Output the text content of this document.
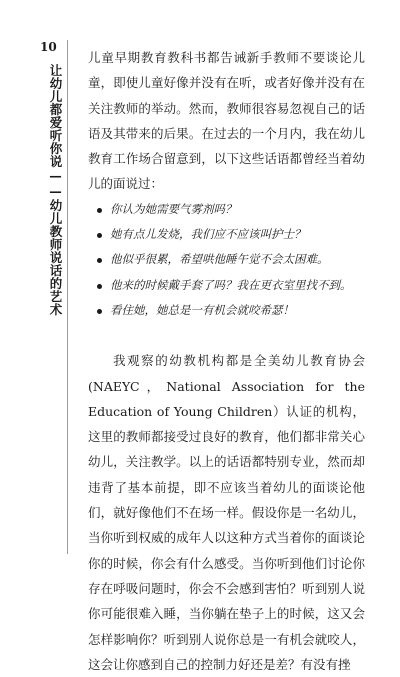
10
让幼儿都爱听你说——幼儿教师说话的艺术

儿童早期教育教科书都告诫新手教师不要谈论儿童，即使儿童好像并没有在听，或者好像并没有在关注教师的举动。然而，教师很容易忽视自己的话语及其带来的后果。在过去的一个月内，我在幼儿教育工作场合留意到，以下这些话语都曾经当着幼儿的面说过：

你认为她需要气雾剂吗？
她有点儿发烧，我们应不应该叫护士？
他似乎很累，希望哄他睡午觉不会太困难。
他来的时候戴手套了吗？我在更衣室里找不到。
看住她，她总是一有机会就咬希瑟！

我观察的幼教机构都是全美幼儿教育协会(NAEYC，National Association for the Education of Young Children）认证的机构，这里的教师都接受过良好的教育，他们都非常关心幼儿，关注教学。以上的话语都特别专业，然而却违背了基本前提，即不应该当着幼儿的面谈论他们，就好像他们不在场一样。假设你是一名幼儿，当你听到权威的成年人以这种方式当着你的面谈论你的时候，你会有什么感受。当你听到他们讨论你存在呼吸问题时，你会不会感到害怕？听到别人说你可能很难入睡，当你躺在垫子上的时候，这又会怎样影响你？听到别人说你总是一有机会就咬人，这会让你感到自己的控制力好还是差？有没有挫
